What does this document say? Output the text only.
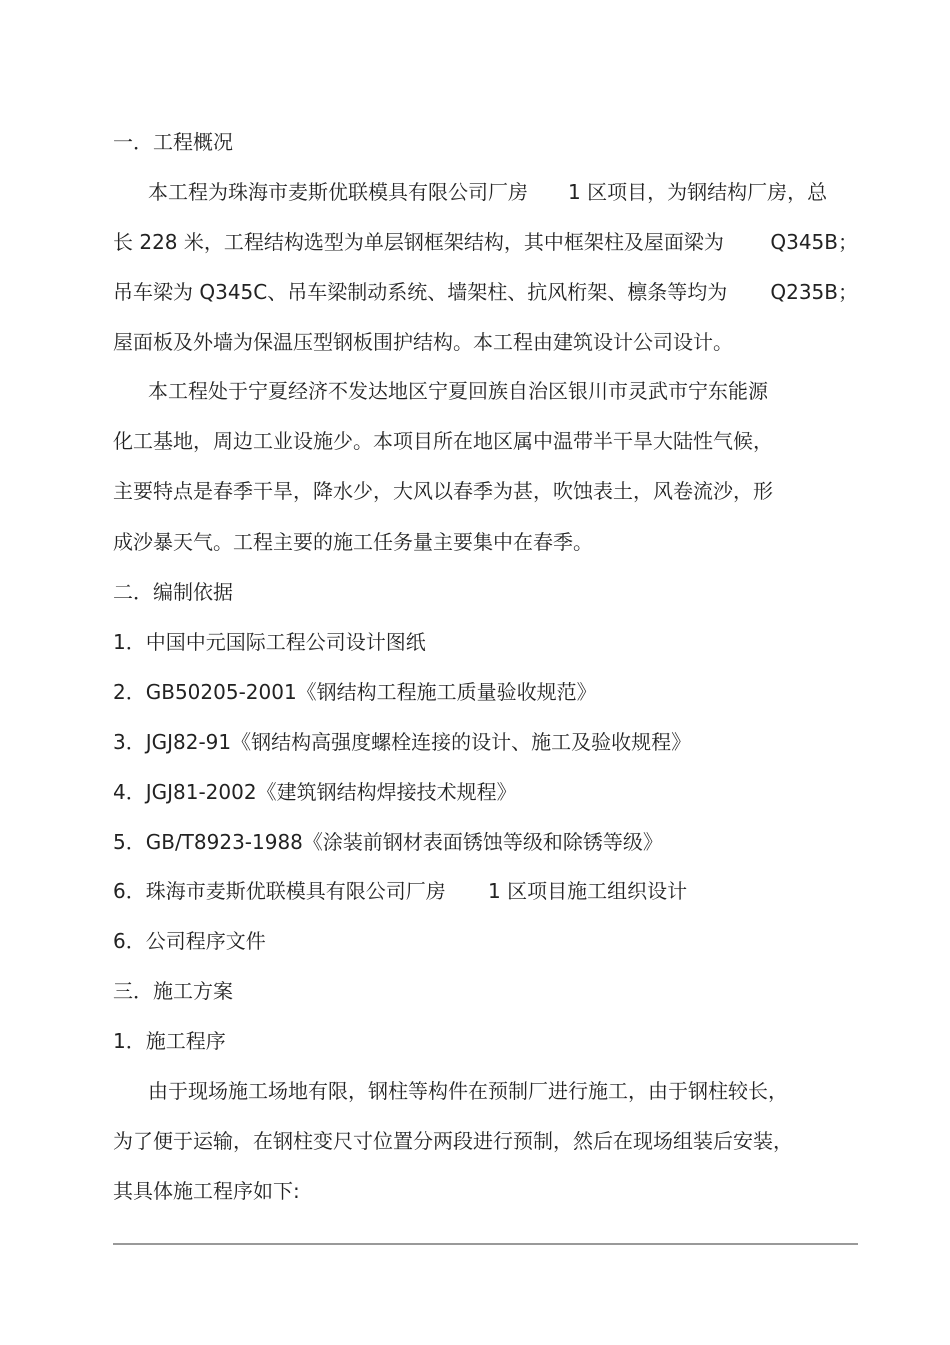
一．工程概况
本工程为珠海市麦斯优联模具有限公司厂房 1 区项目，为钢结构厂房，总

长 228 米，工程结构选型为单层钢框架结构，其中框架柱及屋面梁为

Q345B；

吊车梁为 Q345C、吊车梁制动系统、墙架柱、抗风桁架、檩条等均为

Q235B；

屋面板及外墙为保温压型钢板围护结构。本工程由建筑设计公司设计。
本工程处于宁夏经济不发达地区宁夏回族自治区银川市灵武市宁东能源
化工基地，周边工业设施少。本项目所在地区属中温带半干旱大陆性气候，
主要特点是春季干旱，降水少，大风以春季为甚，吹蚀表土，风卷流沙，形
成沙暴天气。工程主要的施工任务量主要集中在春季。
二．编制依据
1．中国中元国际工程公司设计图纸
2．GB50205-2001《钢结构工程施工质量验收规范》
3．JGJ82-91《钢结构高强度螺栓连接的设计、施工及验收规程》
4．JGJ81-2002《建筑钢结构焊接技术规程》
5．GB/T8923-1988《涂装前钢材表面锈蚀等级和除锈等级》
6．珠海市麦斯优联模具有限公司厂房 1 区项目施工组织设计
6．公司程序文件
三．施工方案
1．施工程序
由于现场施工场地有限，钢柱等构件在预制厂进行施工，由于钢柱较长，
为了便于运输，在钢柱变尺寸位置分两段进行预制，然后在现场组装后安装，
其具体施工程序如下:
